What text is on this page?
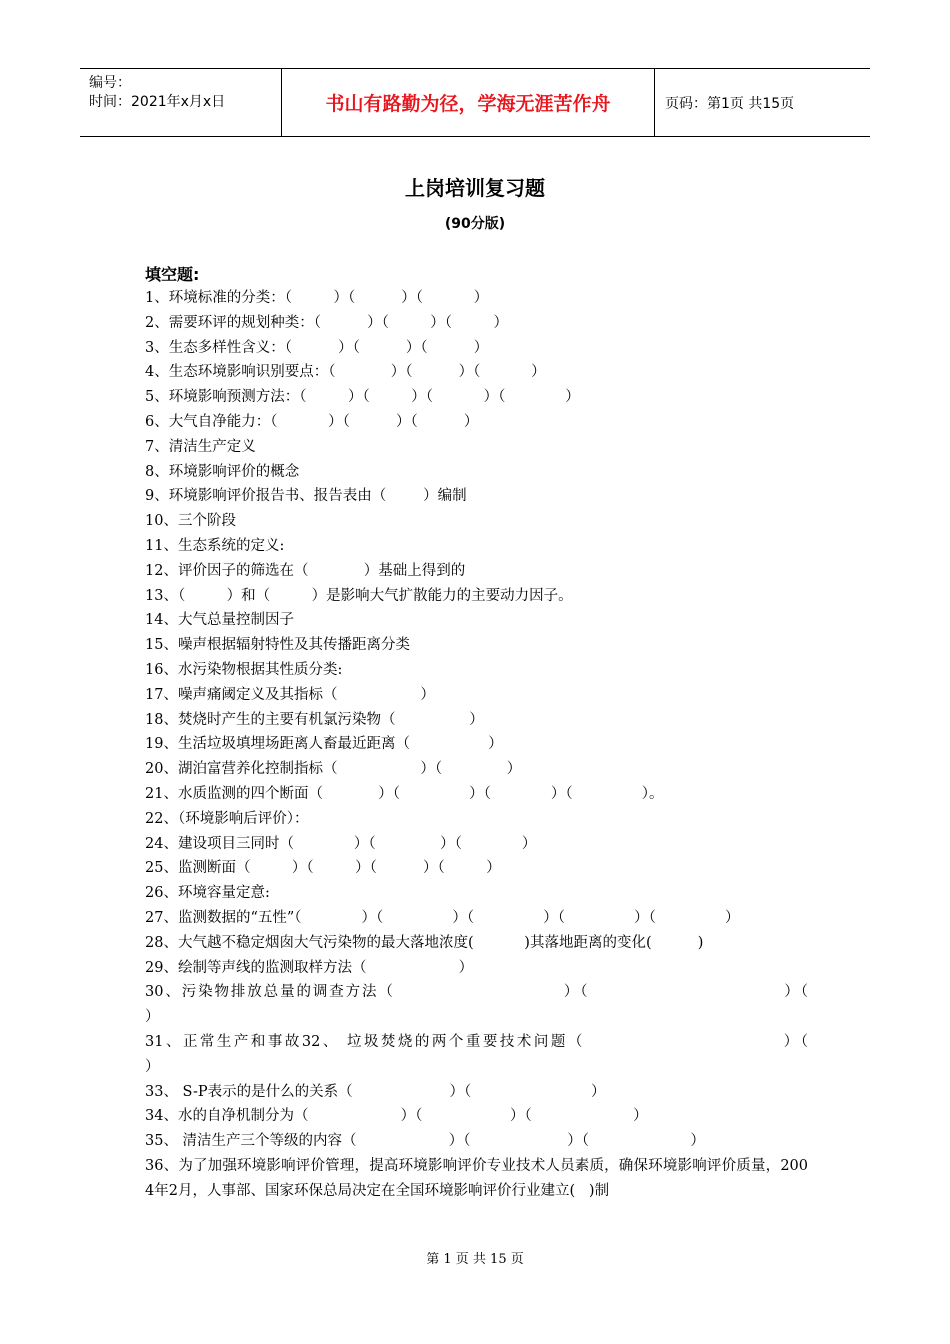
编号：
时间：2021年x月x日	书山有路勤为径，学海无涯苦作舟	页码：第1页 共15页
上岗培训复习题
(90分版)
填空题:

1、环境标准的分类：（         ）（          ）（           ）

2、需要环评的规划种类：（          ）（         ）（         ）

3、生态多样性含义：（          ）（          ）（          ）

4、生态环境影响识别要点：（            ）（          ）（           ）

5、环境影响预测方法：（         ）（         ）（           ）（             ）

6、大气自净能力：（           ）（          ）（          ）

7、清洁生产定义

8、环境影响评价的概念

9、环境影响评价报告书、报告表由（        ）编制

10、三个阶段

11、生态系统的定义:

12、评价因子的筛选在（            ）基础上得到的

13、（         ）和（         ）是影响大气扩散能力的主要动力因子。

14、大气总量控制因子

15、噪声根据辐射特性及其传播距离分类

16、水污染物根据其性质分类:

17、噪声痛阈定义及其指标（                  ）

18、焚烧时产生的主要有机氯污染物（                ）

19、生活垃圾填埋场距离人畜最近距离（                 ）

20、湖泊富营养化控制指标（                  ）（              ）

21、水质监测的四个断面（            ）（               ）（             ）（               ）。

22、（环境影响后评价）：

24、建设项目三同时（             ）（              ）（             ）

25、监测断面（         ）（         ）（          ）（         ）

26、环境容量定意:

27、监测数据的“五性”（             ）（               ）（               ）（               ）（               ）

28、大气越不稳定烟囱大气污染物的最大落地浓度(           )其落地距离的变化(          )

29、绘制等声线的监测取样方法（                    ）

30、污染物排放总量的调查方法（                          ）（                              ）（                              ）

31、正常生产和事故32、 垃圾焚烧的两个重要技术问题（                            ）（                              ）

33、 S-P表示的是什么的关系（                     ）（                          ）

34、水的自净机制分为（                    ）（                   ）（                      ）

35、 清洁生产三个等级的内容（                    ）（                     ）（                      ）

36、为了加强环境影响评价管理，提高环境影响评价专业技术人员素质，确保环境影响评价质量，2004年2月，人事部、国家环保总局决定在全国环境影响评价行业建立(   )制

第 1 页 共 15 页
